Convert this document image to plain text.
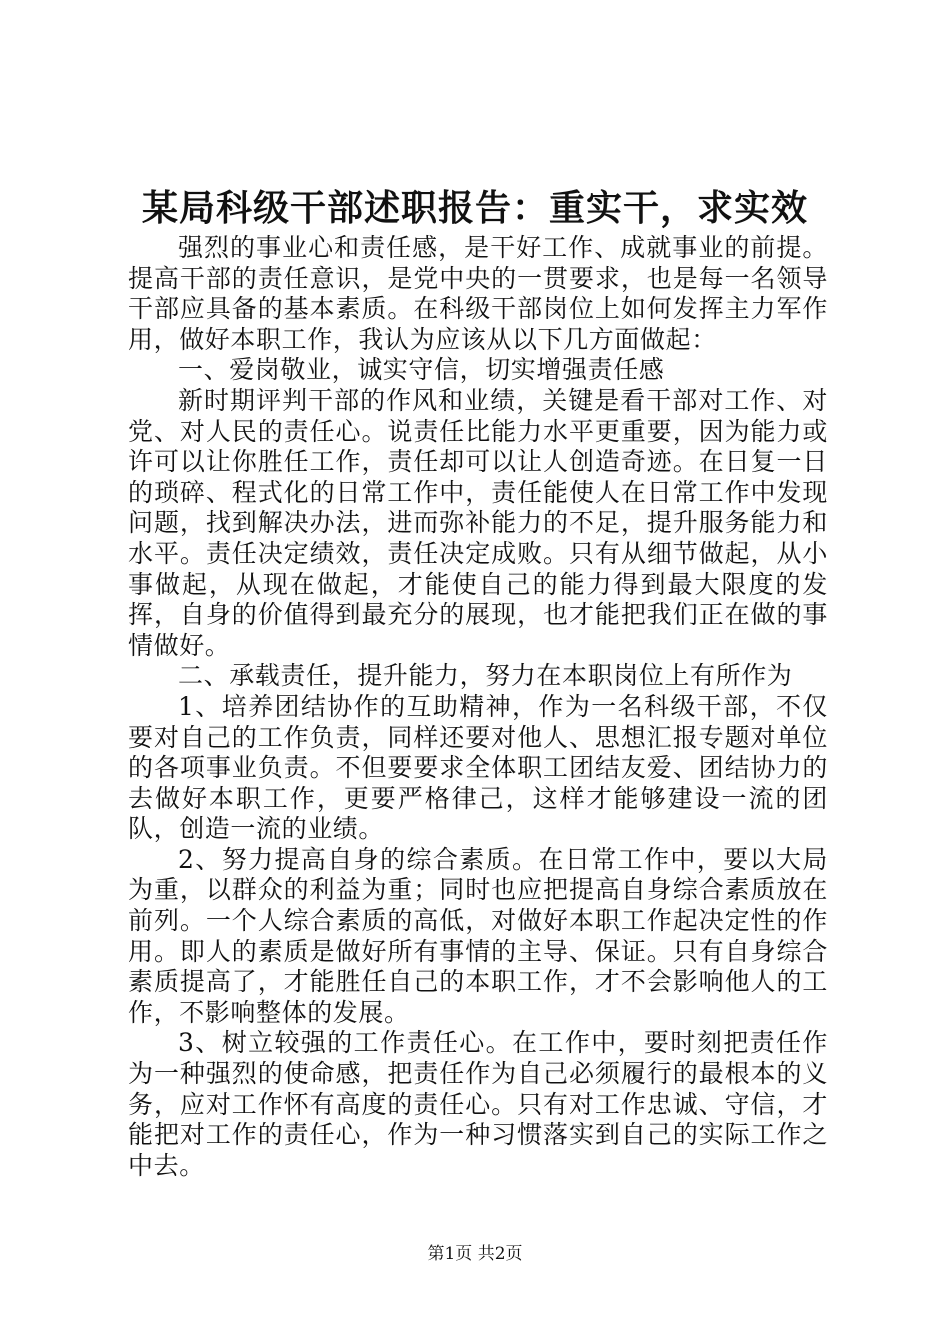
某局科级干部述职报告：重实干，求实效

强烈的事业心和责任感，是干好工作、成就事业的前提。提高干部的责任意识，是党中央的一贯要求，也是每一名领导干部应具备的基本素质。在科级干部岗位上如何发挥主力军作用，做好本职工作，我认为应该从以下几方面做起：

一、爱岗敬业，诚实守信，切实增强责任感

新时期评判干部的作风和业绩，关键是看干部对工作、对党、对人民的责任心。说责任比能力水平更重要，因为能力或许可以让你胜任工作，责任却可以让人创造奇迹。在日复一日的琐碎、程式化的日常工作中，责任能使人在日常工作中发现问题，找到解决办法，进而弥补能力的不足，提升服务能力和水平。责任决定绩效，责任决定成败。只有从细节做起，从小事做起，从现在做起，才能使自己的能力得到最大限度的发挥，自身的价值得到最充分的展现，也才能把我们正在做的事情做好。

二、承载责任，提升能力，努力在本职岗位上有所作为

1、培养团结协作的互助精神，作为一名科级干部，不仅要对自己的工作负责，同样还要对他人、思想汇报专题对单位的各项事业负责。不但要要求全体职工团结友爱、团结协力的去做好本职工作，更要严格律己，这样才能够建设一流的团队，创造一流的业绩。

2、努力提高自身的综合素质。在日常工作中，要以大局为重，以群众的利益为重；同时也应把提高自身综合素质放在前列。一个人综合素质的高低，对做好本职工作起决定性的作用。即人的素质是做好所有事情的主导、保证。只有自身综合素质提高了，才能胜任自己的本职工作，才不会影响他人的工作，不影响整体的发展。

3、树立较强的工作责任心。在工作中，要时刻把责任作为一种强烈的使命感，把责任作为自己必须履行的最根本的义务，应对工作怀有高度的责任心。只有对工作忠诚、守信，才能把对工作的责任心，作为一种习惯落实到自己的实际工作之中去。

第1页 共2页
